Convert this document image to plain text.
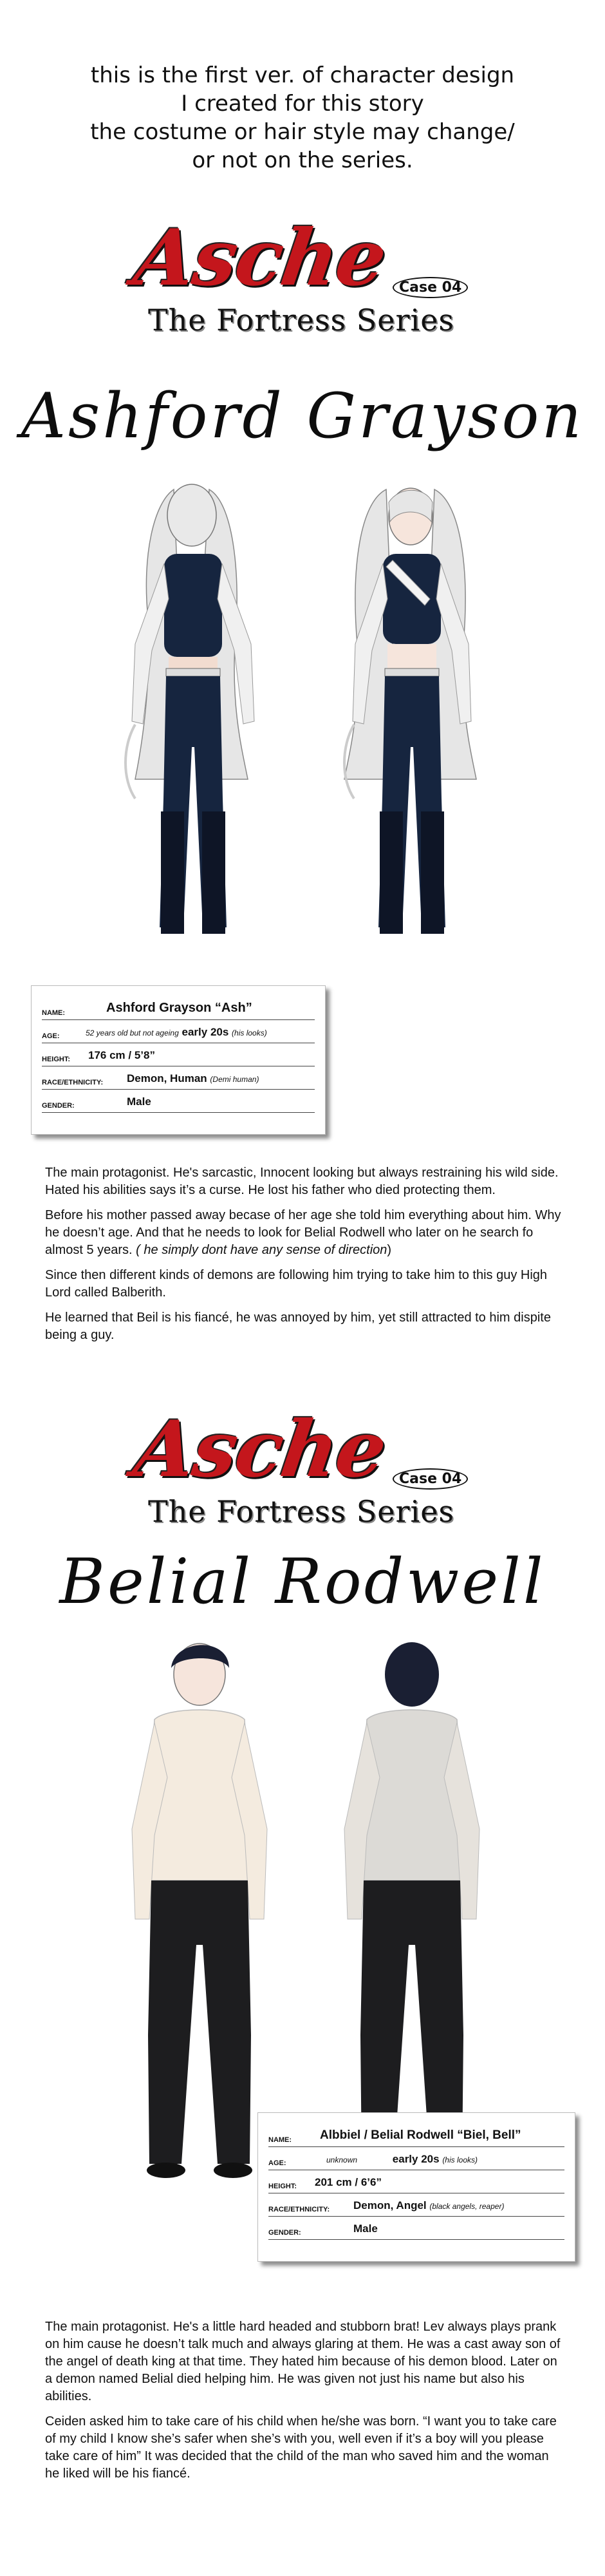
this is the first ver. of character design
I created for this story
the costume or hair style may change/
or not on the series.
Asche Case 04
The Fortress Series
Ashford Grayson
NAME:	Ashford Grayson “Ash”
AGE:	52 years old but not ageing early 20s (his looks)
HEIGHT: 176 cm / 5’8”
RACE/ETHNICITY: Demon, Human (Demi human)
GENDER:	Male

The main protagonist. He's sarcastic, Innocent looking but always restraining his wild side. Hated his abilities says it’s a curse. He lost his father who died protecting them.

Before his mother passed away becase of her age she told him everything about him. Why he doesn’t age. And that he needs to look for Belial Rodwell who later on he search fo almost 5 years. ( he simply dont have any sense of direction)

Since then different kinds of demons are following him trying to take him to this guy High Lord called Balberith.

He learned that Beil is his fiancé, he was annoyed by him, yet still attracted to him dispite being a guy.

Asche Case 04
The Fortress Series
Belial Rodwell
NAME: Albbiel / Belial Rodwell “Biel, Bell”
AGE:	unknown	early 20s (his looks)
HEIGHT: 201 cm / 6’6”
RACE/ETHNICITY: Demon, Angel (black angels, reaper)
GENDER:	Male

The main protagonist. He's a little hard headed and stubborn brat! Lev always plays prank on him cause he doesn’t talk much and always glaring at them. He was a cast away son of the angel of death king at that time. They hated him because of his demon blood. Later on a demon named Belial died helping him. He was given not just his name but also his abilities.

Ceiden asked him to take care of his child when he/she was born. “I want you to take care of my child I know she’s safer when she’s with you, well even if it’s a boy will you please take care of him” It was decided that the child of the man who saved him and the woman he liked will be his fiancé.
